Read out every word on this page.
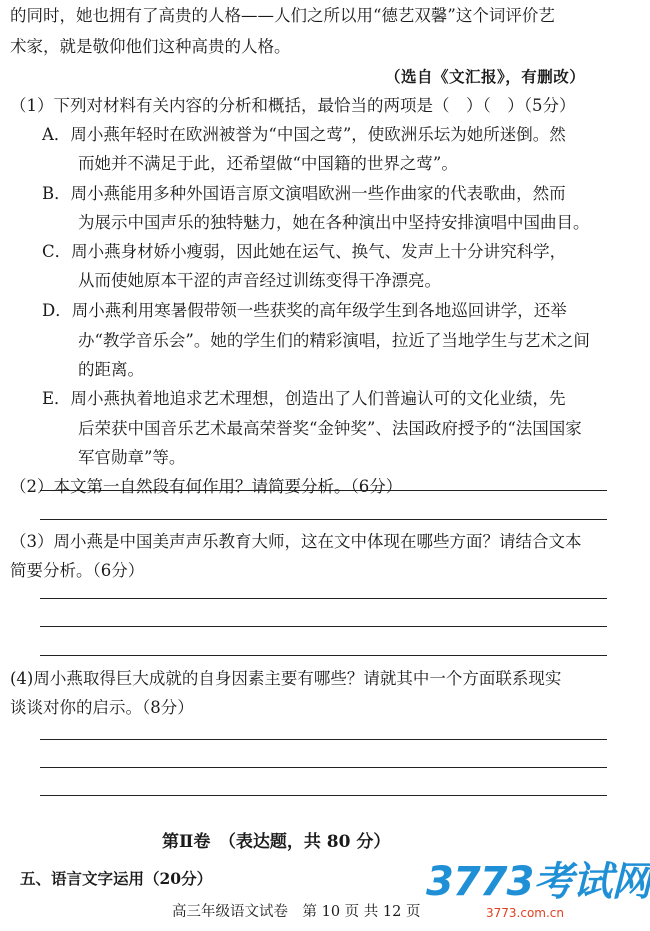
的同时，她也拥有了高贵的人格——人们之所以用“德艺双馨”这个词评价艺
术家，就是敬仰他们这种高贵的人格。
（选自《文汇报》，有删改）
（1）下列对材料有关内容的分析和概括，最恰当的两项是（　）（　）（5分）
A．周小燕年轻时在欧洲被誉为“中国之莺”，使欧洲乐坛为她所迷倒。然
而她并不满足于此，还希望做“中国籍的世界之莺”。
B．周小燕能用多种外国语言原文演唱欧洲一些作曲家的代表歌曲，然而
为展示中国声乐的独特魅力，她在各种演出中坚持安排演唱中国曲目。
C．周小燕身材娇小瘦弱，因此她在运气、换气、发声上十分讲究科学，
从而使她原本干涩的声音经过训练变得干净漂亮。
D．周小燕利用寒暑假带领一些获奖的高年级学生到各地巡回讲学，还举
办“教学音乐会”。她的学生们的精彩演唱，拉近了当地学生与艺术之间
的距离。
E．周小燕执着地追求艺术理想，创造出了人们普遍认可的文化业绩，先
后荣获中国音乐艺术最高荣誉奖“金钟奖”、法国政府授予的“法国国家
军官勋章”等。
（2）本文第一自然段有何作用？请简要分析。（6分）
（3）周小燕是中国美声声乐教育大师，这在文中体现在哪些方面？请结合文本
简要分析。（6分）
(4)周小燕取得巨大成就的自身因素主要有哪些？请就其中一个方面联系现实
谈谈对你的启示。（8分）
第Ⅱ卷　（表达题，共 80 分）
五、语言文字运用（20分）
高三年级语文试卷　第 10 页 共 12 页
3773考试网
3773.com.cn
